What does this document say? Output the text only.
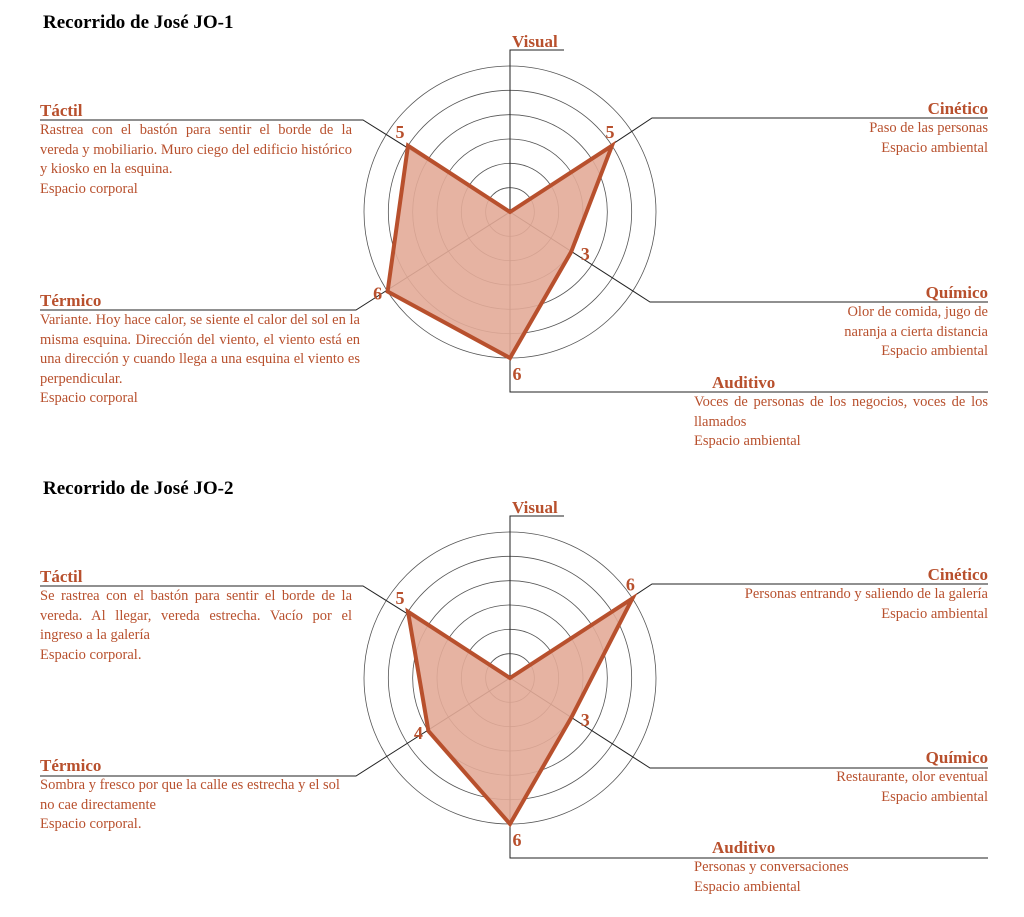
Recorrido de José JO-1
5
3
6
6
5
Visual
Táctil
Rastrea con el bastón para sentir el borde de la vereda y mobiliario. Muro ciego del edificio histórico y kiosko en la esquina.
Espacio corporal
Térmico
Variante. Hoy hace calor, se siente el calor del sol en la misma esquina. Dirección del viento, el viento está en una dirección y cuando llega a una esquina el viento es perpendicular.
Espacio corporal
Cinético
Paso de las personas
Espacio ambiental
Químico
Olor de comida, jugo de naranja a cierta distancia
Espacio ambiental
Auditivo
Voces de personas de los negocios, voces de los llamados
Espacio ambiental
Recorrido de José JO-2
6
3
6
4
5
Visual
Táctil
Se rastrea con el bastón para sentir el borde de la vereda. Al llegar, vereda estrecha. Vacío por el ingreso a la galería
Espacio corporal.
Térmico
Sombra y fresco por que la calle es estrecha y el sol no cae directamente
Espacio corporal.
Cinético
Personas entrando y saliendo de la galería
Espacio ambiental
Químico
Restaurante, olor eventual
Espacio ambiental
Auditivo
Personas y conversaciones
Espacio ambiental
